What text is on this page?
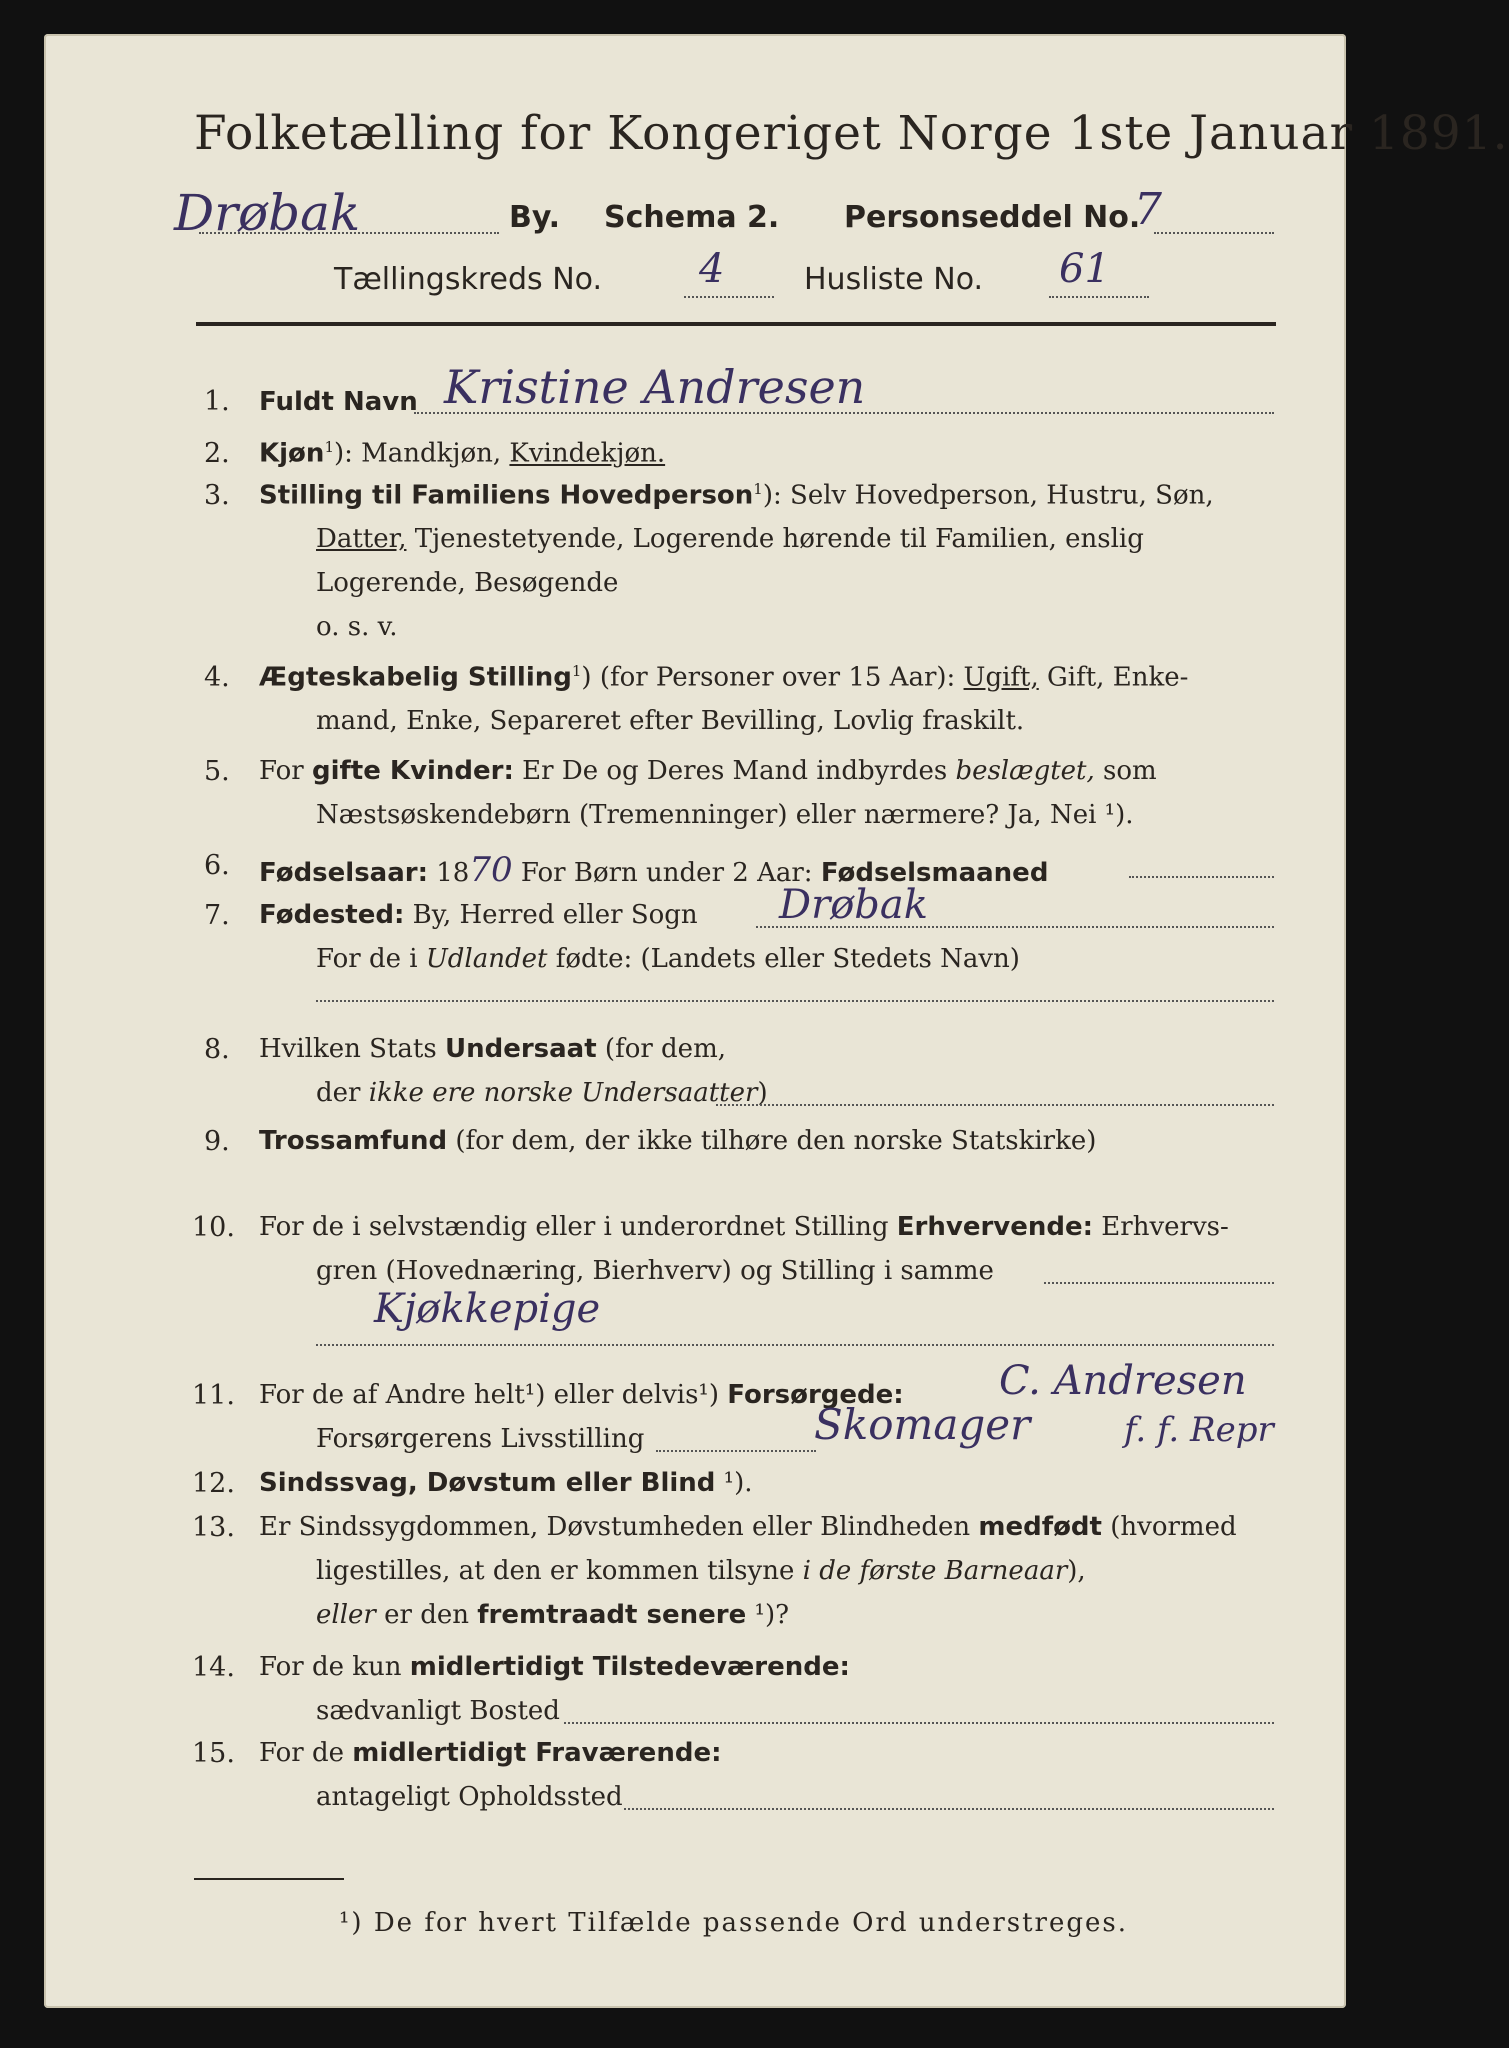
Folketælling for Kongeriget Norge 1ste Januar 1891.
Drøbak	By. Schema 2. Personseddel No.
7
Tællingskreds No. 4	Husliste No. 61
1. Fuldt Navn Kristine Andresen
2. Kjøn$^1$): Mandkjøn, Kvindekjøn.
3. Stilling til Familiens Hovedperson$^1$): Selv Hovedperson, Hustru, Søn,
Datter, Tjenestetyende, Logerende hørende til Familien, enslig
Logerende, Besøgende
o. s. v.
4. Ægteskabelig Stilling$^1$) (for Personer over 15 Aar): Ugift, Gift, Enke-
mand, Enke, Separeret efter Bevilling, Lovlig fraskilt.
5. For gifte Kvinder: Er De og Deres Mand indbyrdes beslægtet, som
Næstsøskendebørn (Tremenninger) eller nærmere? Ja, Nei ¹).
6. Fødselsaar: 1870 For Børn under 2 Aar: Fødselsmaaned
7. Fødested: By, Herred eller Sogn Drøbak
For de i Udlandet fødte: (Landets eller Stedets Navn)
8. Hvilken Stats Undersaat (for dem,
der ikke ere norske Undersaatter)
9. Trossamfund (for dem, der ikke tilhøre den norske Statskirke)
10. For de i selvstændig eller i underordnet Stilling Erhvervende: Erhvervs-
gren (Hovednæring, Bierhverv) og Stilling i samme
Kjøkkepige
11. For de af Andre helt¹) eller delvis¹) Forsørgede: C. Andresen
Forsørgerens Livsstilling	Skomager	f. f. Repr
12. Sindssvag, Døvstum eller Blind ¹).
13. Er Sindssygdommen, Døvstumheden eller Blindheden medfødt (hvormed
ligestilles, at den er kommen tilsyne i de første Barneaar),
eller er den fremtraadt senere ¹)?
14. For de kun midlertidigt Tilstedeværende:
sædvanligt Bosted
15. For de midlertidigt Fraværende:
antageligt Opholdssted
¹) De for hvert Tilfælde passende Ord understreges.
